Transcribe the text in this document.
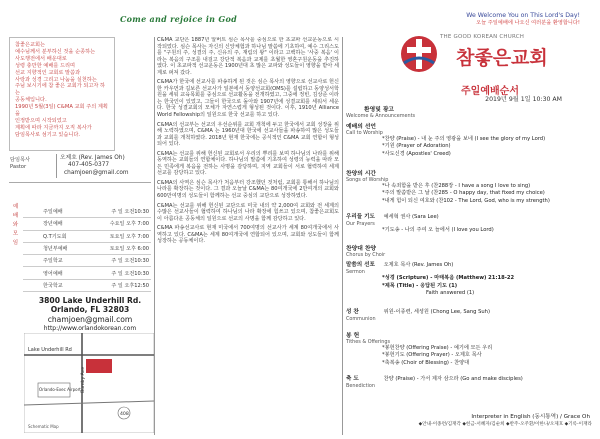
Come and rejoice in God	We Welcome You on This Lord's Day!
오늘 주일예배에 나오신 여러분을 환영합니다!

참좋은교회는

예수님께서 분부하신 것을 순종하는

사도행전에서 배운대로

성령 충만한 예배를 드리며

선교 지향적인 교회로 말씀과

사랑과 성경 그리고 나눔을 실천하는

주님 보시기에 참 좋은 교회가 되고자 하는

공동체입니다.

1990년 5월(3일) C&MA 교회 주의 계획을

인정받으며 시작되었고

계획에 따라 지금까지 오직 복사가

담임목사로 섬기고 있습니다.

담임목사
Pastor
오제호 (Rev. James Oh)
407-405-0377
chamjoen@gmail.com
예
배
와
모
임
주일예배	주 일 오전10:30
장년예배	수요일 오후 7:00
Q.T기도회	토요일 오후 7:00
청년부예배	토요일 오후 6:00
주일학교	주 일 오전10:30
영어예배	주 일 오전10:30
한국학교	주 일 오후12:50
3800 Lake Underhill Rd.
Orlando, FL 32803
chamjoen@gmail.com
http://www.orlandokorean.com
Lake Underhill Rd
Bumby Ave
Orlando-Exec Airport
408
Schematic Map

C&MA 교단은 1887년 알버트 심슨 목사를 중심으로 한 초교파 선교운동으로 시작되었다. 심슨 목사는 자신의 신앙체험과 하나님 말씀에 기초하여, 예수 그리스도를 "구원의 주, 성결의 주, 신유의 주, 재림의 왕" 이라고 고백하는 '사중 복음' 이라는 복음의 구조를 내걸고 강단적 복음과 교제를 초월한 영혼구원운동을 추진하였다. 이 초교파적 선교운동은 1900년대 초 많은 교파와 성도들이 영향을 받아 세계로 퍼져 갔다.

C&MA가 한국에 선교사를 파송하게 된 것은 심슨 목사의 영향으로 선교사로 헌신한 카우먼과 길보른 선교사가 일본에서 동양선교회(OMS)를 설립하고 동양성서학원을 세워 교육목회를 중심으로 선교활동을 전개하였고, 그중에 정빈, 김상준 이라는 한국인이 있었고, 그들이 한국으로 돌아와 1907년에 성결교회를 세워서 세운다. 한국 성결교회의 모체가 자연스럽게 형성된 것이다. 이후, 1910년 Alliance World Fellowship의 일원으로 한국 선교를 하고 있다.

C&MA의 선교부는 선교의 우선순위를 교회 개척에 두고 한국에서 교회 성장을 위해 노력하였으며, C&MA 는 1960년대 한국에 선교사들을 파송하여 많은 성도들과 교회를 개척하였다. 2018년 현재 한국에는 공식적인 C&MA 교회 연합이 형성되어 있다.

C&MA는 선교를 위해 헌신된 교회로서 우리의 뿌리를 보며 하나님의 나라를 위해 동역하는 교회들의 연합체이다. 하나님의 말씀에 기초하여 성령의 능력을 따라 모든 민족에게 복음을 전하는 사명을 감당하며, 지역 교회들이 서로 협력하여 세계 선교를 감당하고 있다.

C&MA의 사역은 심슨 목사가 처음부터 강조했던 것처럼, 교회를 통해서 하나님의 나라를 확장하는 것이다. 그 결과 오늘날 C&MA는 80여개국에 2만여개의 교회와 600만여명의 성도들이 함께하는 선교 중심의 교단으로 성장하였다.

C&MA는 선교를 위해 헌신된 교단으로 미국 내의 약 2,000여 교회와 전 세계의 수많은 선교사들이 협력하여 하나님의 나라 확장에 힘쓰고 있으며, 참좋은교회도 이 아름다운 공동체의 일원으로 선교의 사명을 함께 감당하고 있다.

C&MA 파송선교사로 현재 미국에서 700여명의 선교사가 세계 80여개국에서 사역하고 있다. C&MA는 세계 80여개국에 연합되어 있으며, 교회와 성도들이 함께 성장하는 공동체이다.

THE GOOD KOREAN CHURCH
참좋은교회
주일예배순서
2019년 9월 1일 10:30 AM
환영및 광고
Welcome & Announcements
예배의 선언
Call to Worship
*찬양 (Praise) - 내 눈 주의 영광을 보네 (I see the glory of my Lord)
*기원 (Prayer of Adoration)
*사도신경 (Apostles' Creed)
찬양의 시간
Songs of Worship
*나 속죄함을 받은 후 (찬288장 - I have a song I love to sing)
*주의 말씀받은 그 날 (찬285 - O happy day, that fixed my choice)
*내게 힘이 되신 여호와 (찬102 - The Lord, God, who is my strength)
우리들 기도 예세혁 권사 (Sara Lee)
Our Prayers
*기도송 - 나의 주여 오 늘에서 (I love you Lord)
찬양대 찬양
Chorus by Choir
말씀의 선포 오제호 목사 (Rev. James Oh)
Sermon
*성경 (Scripture) - 마태복음 (Matthew) 21:18-22
*제목 (Title) - 응답된 기도 (1)
Faith answered (1)
성 찬	위원-이종련, 세셩원 (Chong Lee, Sang Suh)
Communion
봉 헌
Tithes & Offerings
*봉헌찬양 (Offering Praise) - 예기에 모든 우리
*봉헌기도 (Offering Prayer) - 오제호 목사
*축복송 (Choir of Blessing) - 찬양대
축 도	찬양 (Praise) - 가서 제자 삼으라 (Go and make disciples)
Benediction
Interpreter in English (동시통역) / Grace Oh
◆안내-이종련/김재각 ◆헌금-서혜자/김순희 ◆반주-오주환/이한나/오제호 ◆기록-이재라
